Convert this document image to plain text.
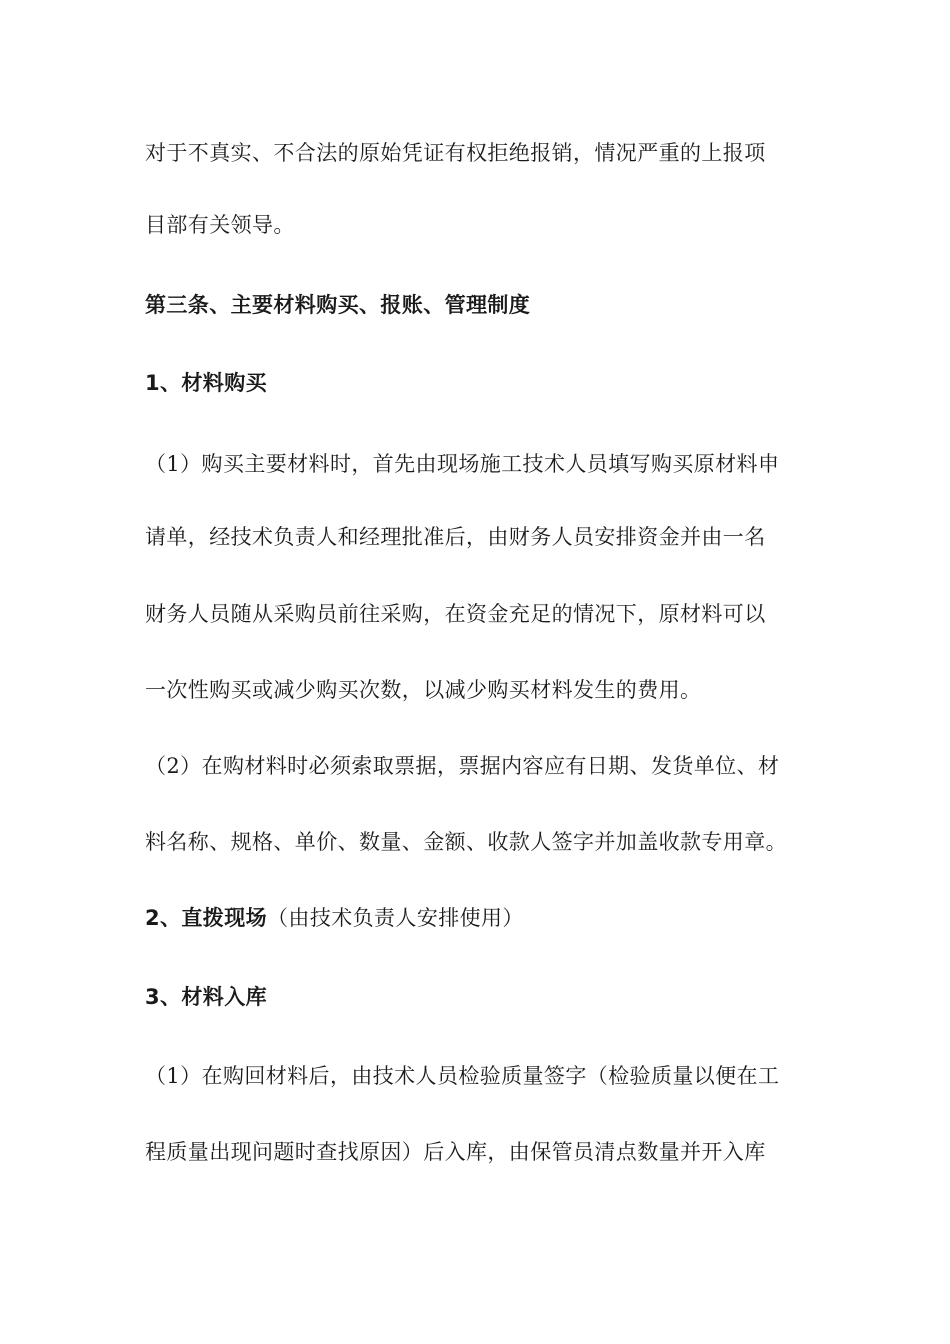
对于不真实、不合法的原始凭证有权拒绝报销，情况严重的上报项
目部有关领导。
第三条、主要材料购买、报账、管理制度
1、材料购买
（1）购买主要材料时，首先由现场施工技术人员填写购买原材料申
请单，经技术负责人和经理批准后，由财务人员安排资金并由一名
财务人员随从采购员前往采购，在资金充足的情况下，原材料可以
一次性购买或减少购买次数，以减少购买材料发生的费用。
（2）在购材料时必须索取票据，票据内容应有日期、发货单位、材
料名称、规格、单价、数量、金额、收款人签字并加盖收款专用章。
2、直拨现场（由技术负责人安排使用）
3、材料入库
（1）在购回材料后，由技术人员检验质量签字（检验质量以便在工
程质量出现问题时查找原因）后入库，由保管员清点数量并开入库
